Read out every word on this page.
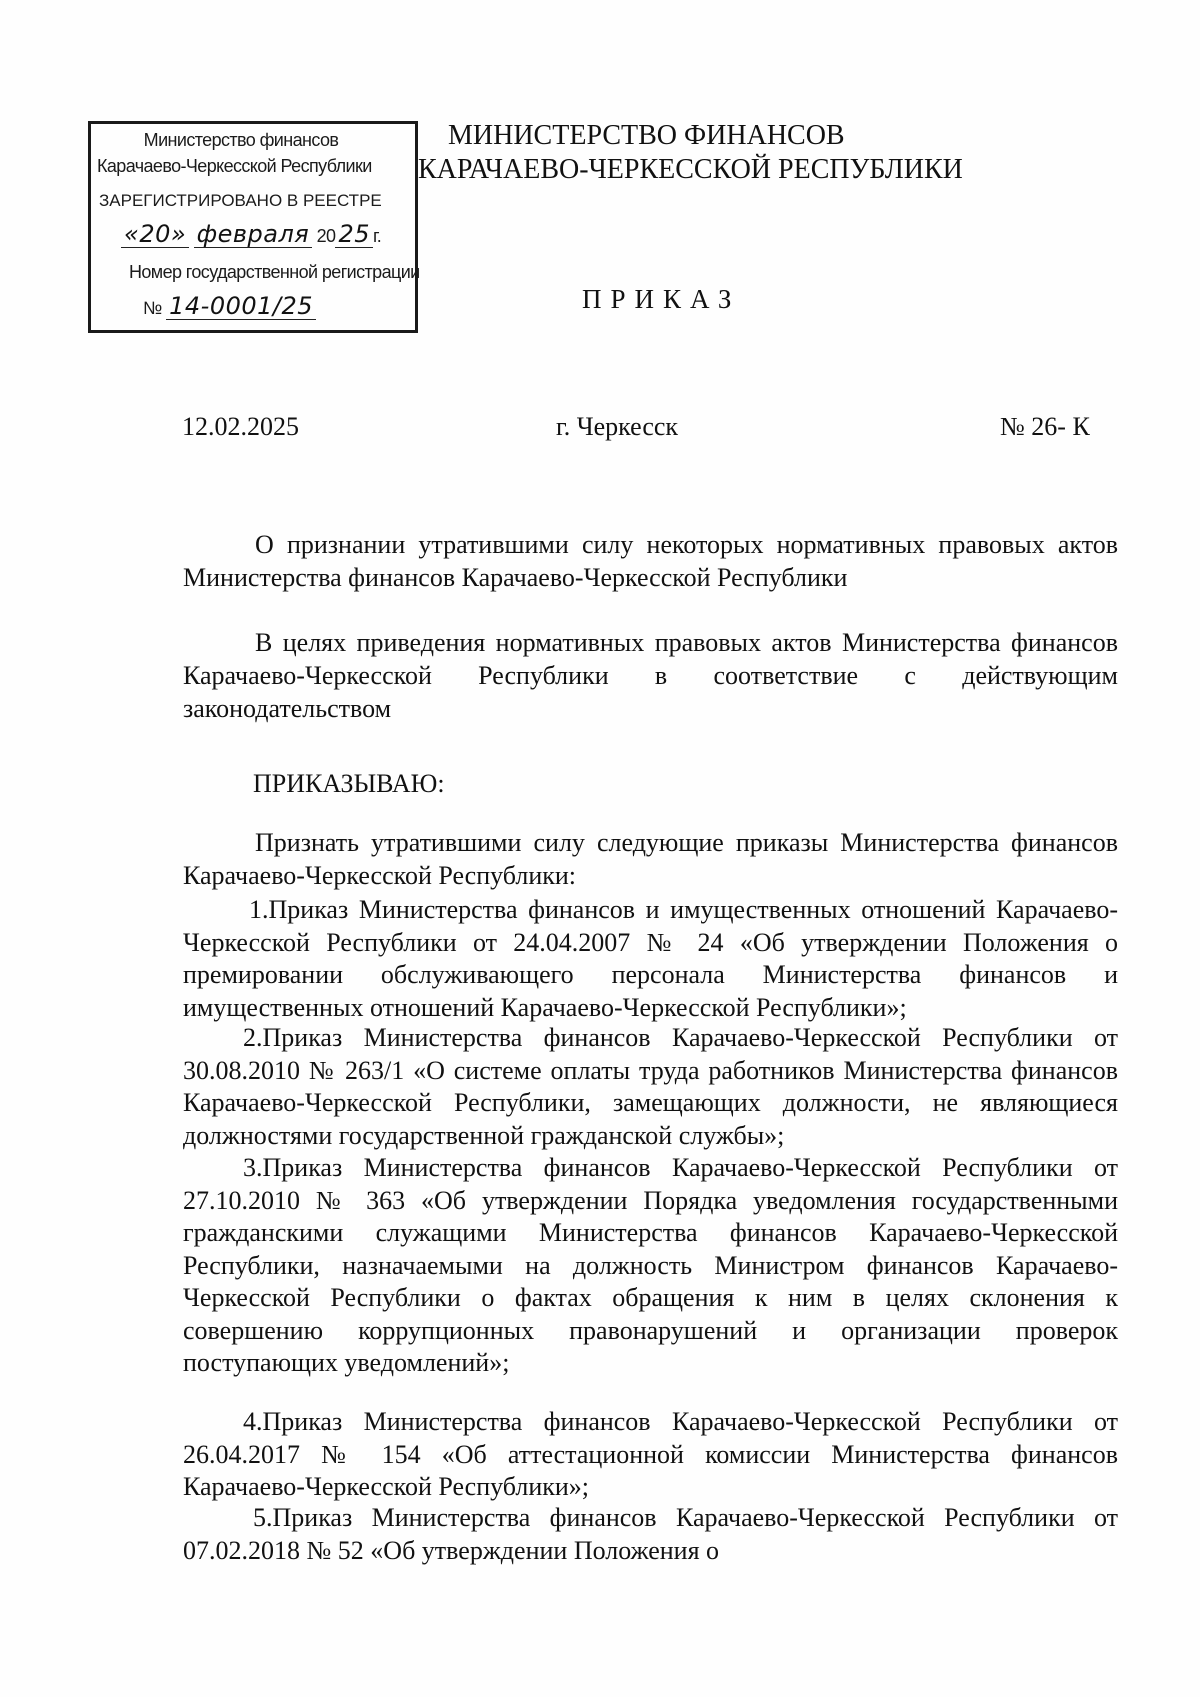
Министерство финансов
Карачаево-Черкесской Республики
ЗАРЕГИСТРИРОВАНО В РЕЕСТРЕ
«20» февраля 20 25 г.
Номер государственной регистрации
№ 14-0001/25
МИНИСТЕРСТВО ФИНАНСОВ
КАРАЧАЕВО-ЧЕРКЕССКОЙ РЕСПУБЛИКИ
ПРИКАЗ
12.02.2025	г. Черкесск	№ 26- К
О признании утратившими силу некоторых нормативных правовых актов Министерства финансов Карачаево-Черкесской Республики
В целях приведения нормативных правовых актов Министерства финансов Карачаево-Черкесской Республики в соответствие с действующим законодательством
ПРИКАЗЫВАЮ:
Признать утратившими силу следующие приказы Министерства финансов Карачаево-Черкесской Республики:
1.Приказ Министерства финансов и имущественных отношений Карачаево-Черкесской Республики от 24.04.2007 № 24 «Об утверждении Положения о премировании обслуживающего персонала Министерства финансов и имущественных отношений Карачаево-Черкесской Республики»;
2.Приказ Министерства финансов Карачаево-Черкесской Республики от 30.08.2010 № 263/1 «О системе оплаты труда работников Министерства финансов Карачаево-Черкесской Республики, замещающих должности, не являющиеся должностями государственной гражданской службы»;
3.Приказ Министерства финансов Карачаево-Черкесской Республики от 27.10.2010 № 363 «Об утверждении Порядка уведомления государственными гражданскими служащими Министерства финансов Карачаево-Черкесской Республики, назначаемыми на должность Министром финансов Карачаево-Черкесской Республики о фактах обращения к ним в целях склонения к совершению коррупционных правонарушений и организации проверок поступающих уведомлений»;
4.Приказ Министерства финансов Карачаево-Черкесской Республики от 26.04.2017 № 154 «Об аттестационной комиссии Министерства финансов Карачаево-Черкесской Республики»;
5.Приказ Министерства финансов Карачаево-Черкесской Республики от 07.02.2018 № 52 «Об утверждении Положения о
